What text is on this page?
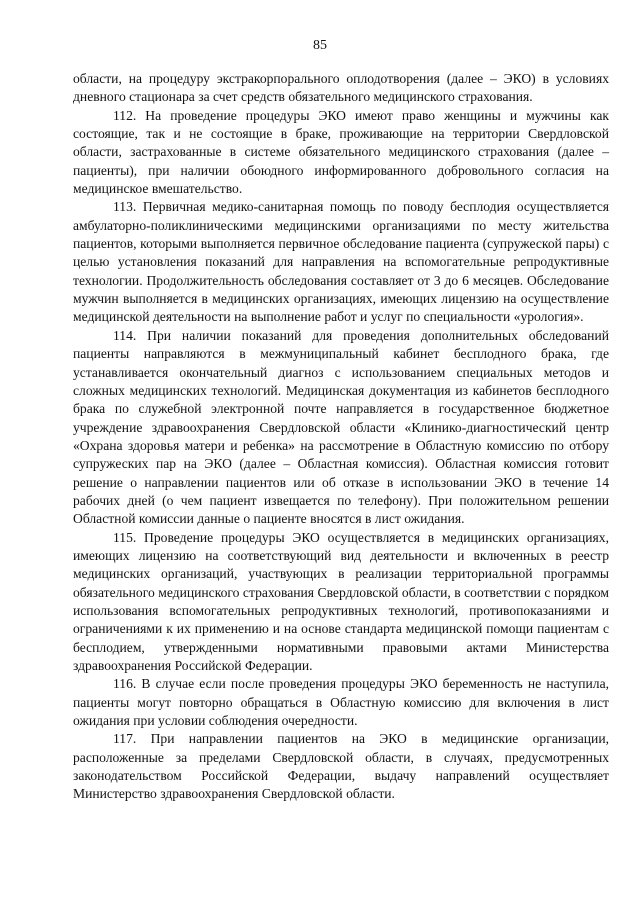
85

области, на процедуру экстракорпорального оплодотворения (далее – ЭКО) в условиях дневного стационара за счет средств обязательного медицинского страхования.

112. На проведение процедуры ЭКО имеют право женщины и мужчины как состоящие, так и не состоящие в браке, проживающие на территории Свердловской области, застрахованные в системе обязательного медицинского страхования (далее – пациенты), при наличии обоюдного информированного добровольного согласия на медицинское вмешательство.

113. Первичная медико-санитарная помощь по поводу бесплодия осуществляется амбулаторно-поликлиническими медицинскими организациями по месту жительства пациентов, которыми выполняется первичное обследование пациента (супружеской пары) с целью установления показаний для направления на вспомогательные репродуктивные технологии. Продолжительность обследования составляет от 3 до 6 месяцев. Обследование мужчин выполняется в медицинских организациях, имеющих лицензию на осуществление медицинской деятельности на выполнение работ и услуг по специальности «урология».

114. При наличии показаний для проведения дополнительных обследований пациенты направляются в межмуниципальный кабинет бесплодного брака, где устанавливается окончательный диагноз с использованием специальных методов и сложных медицинских технологий. Медицинская документация из кабинетов бесплодного брака по служебной электронной почте направляется в государственное бюджетное учреждение здравоохранения Свердловской области «Клинико-диагностический центр «Охрана здоровья матери и ребенка» на рассмотрение в Областную комиссию по отбору супружеских пар на ЭКО (далее – Областная комиссия). Областная комиссия готовит решение о направлении пациентов или об отказе в использовании ЭКО в течение 14 рабочих дней (о чем пациент извещается по телефону). При положительном решении Областной комиссии данные о пациенте вносятся в лист ожидания.

115. Проведение процедуры ЭКО осуществляется в медицинских организациях, имеющих лицензию на соответствующий вид деятельности и включенных в реестр медицинских организаций, участвующих в реализации территориальной программы обязательного медицинского страхования Свердловской области, в соответствии с порядком использования вспомогательных репродуктивных технологий, противопоказаниями и ограничениями к их применению и на основе стандарта медицинской помощи пациентам с бесплодием, утвержденными нормативными правовыми актами Министерства здравоохранения Российской Федерации.

116. В случае если после проведения процедуры ЭКО беременность не наступила, пациенты могут повторно обращаться в Областную комиссию для включения в лист ожидания при условии соблюдения очередности.

117. При направлении пациентов на ЭКО в медицинские организации, расположенные за пределами Свердловской области, в случаях, предусмотренных законодательством Российской Федерации, выдачу направлений осуществляет Министерство здравоохранения Свердловской области.
